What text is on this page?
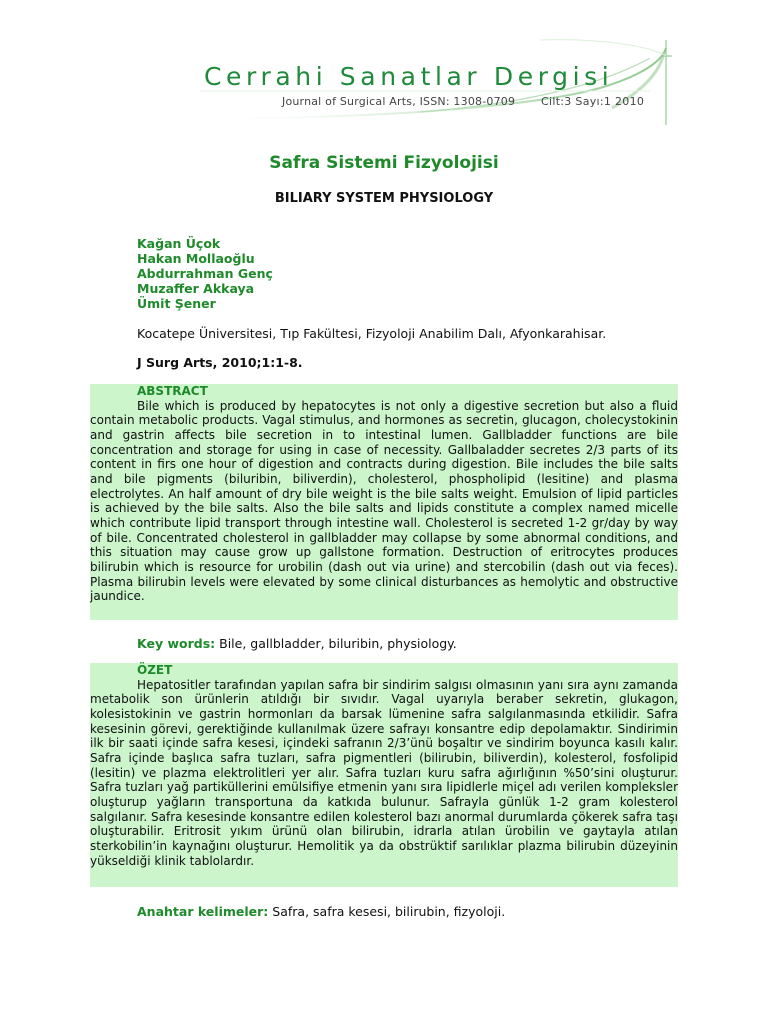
Cerrahi Sanatlar Dergisi
Journal of Surgical Arts, ISSN: 1308-0709 Cilt:3 Sayı:1 2010
Safra Sistemi Fizyolojisi
BILIARY SYSTEM PHYSIOLOGY
Kağan Üçok
Hakan Mollaoğlu
Abdurrahman Genç
Muzaffer Akkaya
Ümit Şener
Kocatepe Üniversitesi, Tıp Fakültesi, Fizyoloji Anabilim Dalı, Afyonkarahisar.
J Surg Arts, 2010;1:1-8.
ABSTRACT
Bile which is produced by hepatocytes is not only a digestive secretion but also a fluid contain metabolic products. Vagal stimulus, and hormones as secretin, glucagon, cholecystokinin and gastrin affects bile secretion in to intestinal lumen. Gallbladder functions are bile concentration and storage for using in case of necessity. Gallbaladder secretes 2/3 parts of its content in firs one hour of digestion and contracts during digestion. Bile includes the bile salts and bile pigments (biluribin, biliverdin), cholesterol, phospholipid (lesitine) and plasma electrolytes. An half amount of dry bile weight is the bile salts weight. Emulsion of lipid particles is achieved by the bile salts. Also the bile salts and lipids constitute a complex named micelle which contribute lipid transport through intestine wall. Cholesterol is secreted 1-2 gr/day by way of bile. Concentrated cholesterol in gallbladder may collapse by some abnormal conditions, and this situation may cause grow up gallstone formation. Destruction of eritrocytes produces bilirubin which is resource for urobilin (dash out via urine) and stercobilin (dash out via feces). Plasma bilirubin levels were elevated by some clinical disturbances as hemolytic and obstructive jaundice.
Key words: Bile, gallbladder, biluribin, physiology.
ÖZET
Hepatositler tarafından yapılan safra bir sindirim salgısı olmasının yanı sıra aynı zamanda metabolik son ürünlerin atıldığı bir sıvıdır. Vagal uyarıyla beraber sekretin, glukagon, kolesistokinin ve gastrin hormonları da barsak lümenine safra salgılanmasında etkilidir. Safra kesesinin görevi, gerektiğinde kullanılmak üzere safrayı konsantre edip depolamaktır. Sindirimin ilk bir saati içinde safra kesesi, içindeki safranın 2/3’ünü boşaltır ve sindirim boyunca kasılı kalır. Safra içinde başlıca safra tuzları, safra pigmentleri (bilirubin, biliverdin), kolesterol, fosfolipid (lesitin) ve plazma elektrolitleri yer alır. Safra tuzları kuru safra ağırlığının %50’sini oluşturur. Safra tuzları yağ partiküllerini emülsifiye etmenin yanı sıra lipidlerle miçel adı verilen kompleksler oluşturup yağların transportuna da katkıda bulunur. Safrayla günlük 1-2 gram kolesterol salgılanır. Safra kesesinde konsantre edilen kolesterol bazı anormal durumlarda çökerek safra taşı oluşturabilir. Eritrosit yıkım ürünü olan bilirubin, idrarla atılan ürobilin ve gaytayla atılan sterkobilin’in kaynağını oluşturur. Hemolitik ya da obstrüktif sarılıklar plazma bilirubin düzeyinin yükseldiği klinik tablolardır.
Anahtar kelimeler: Safra, safra kesesi, bilirubin, fizyoloji.
